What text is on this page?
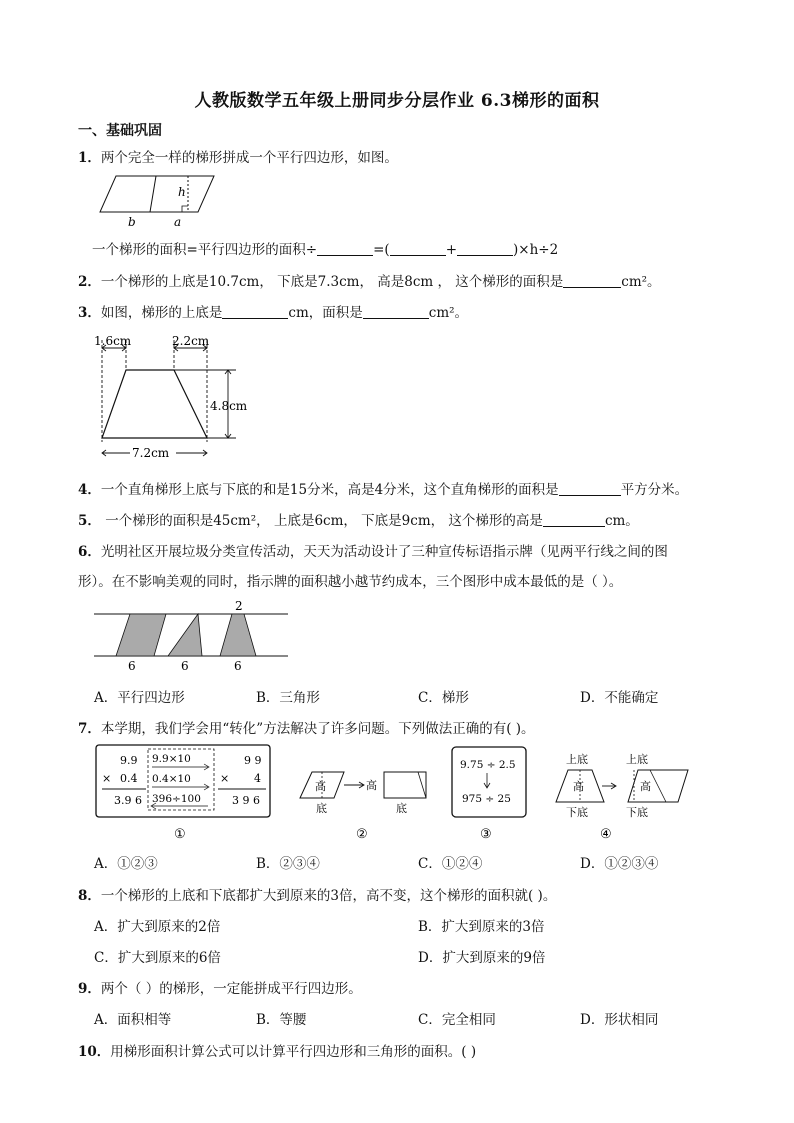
人教版数学五年级上册同步分层作业 6.3梯形的面积
一、基础巩固
1．两个完全一样的梯形拼成一个平行四边形，如图。
h
b	a
一个梯形的面积=平行四边形的面积÷	=(	+	)×h÷2
2．一个梯形的上底是10.7cm， 下底是7.3cm， 高是8cm ， 这个梯形的面积是	cm²。
3．如图，梯形的上底是	cm，面积是	cm²。
1.6cm	2.2cm
4.8cm
7.2cm
4．一个直角梯形上底与下底的和是15分米，高是4分米，这个直角梯形的面积是	平方分米。
5． 一个梯形的面积是45cm²， 上底是6cm， 下底是9cm， 这个梯形的高是	cm。
6．光明社区开展垃圾分类宣传活动，天天为活动设计了三种宣传标语指示牌（见两平行线之间的图
形）。在不影响美观的同时，指示牌的面积越小越节约成本，三个图形中成本最低的是（ ）。
2
6	6	6
A．平行四边形	B．三角形	C．梯形	D．不能确定
7．本学期，我们学会用“转化”方法解决了许多问题。下列做法正确的有( )。
9.9
× 0.4
3.9 6
9.9×10
0.4×10
396÷100
9 9
× 4
3 9 6
①
高
底
高
底
②
9.75 ÷ 2.5
975 ÷ 25
③
上底
高
下底
上底
高
下底
④
A．①②③	B．②③④	C．①②④	D．①②③④
8．一个梯形的上底和下底都扩大到原来的3倍，高不变，这个梯形的面积就( )。
A．扩大到原来的2倍	B．扩大到原来的3倍
C．扩大到原来的6倍	D．扩大到原来的9倍
9．两个（ ）的梯形，一定能拼成平行四边形。
A．面积相等	B．等腰	C．完全相同	D．形状相同
10．用梯形面积计算公式可以计算平行四边形和三角形的面积。( )
